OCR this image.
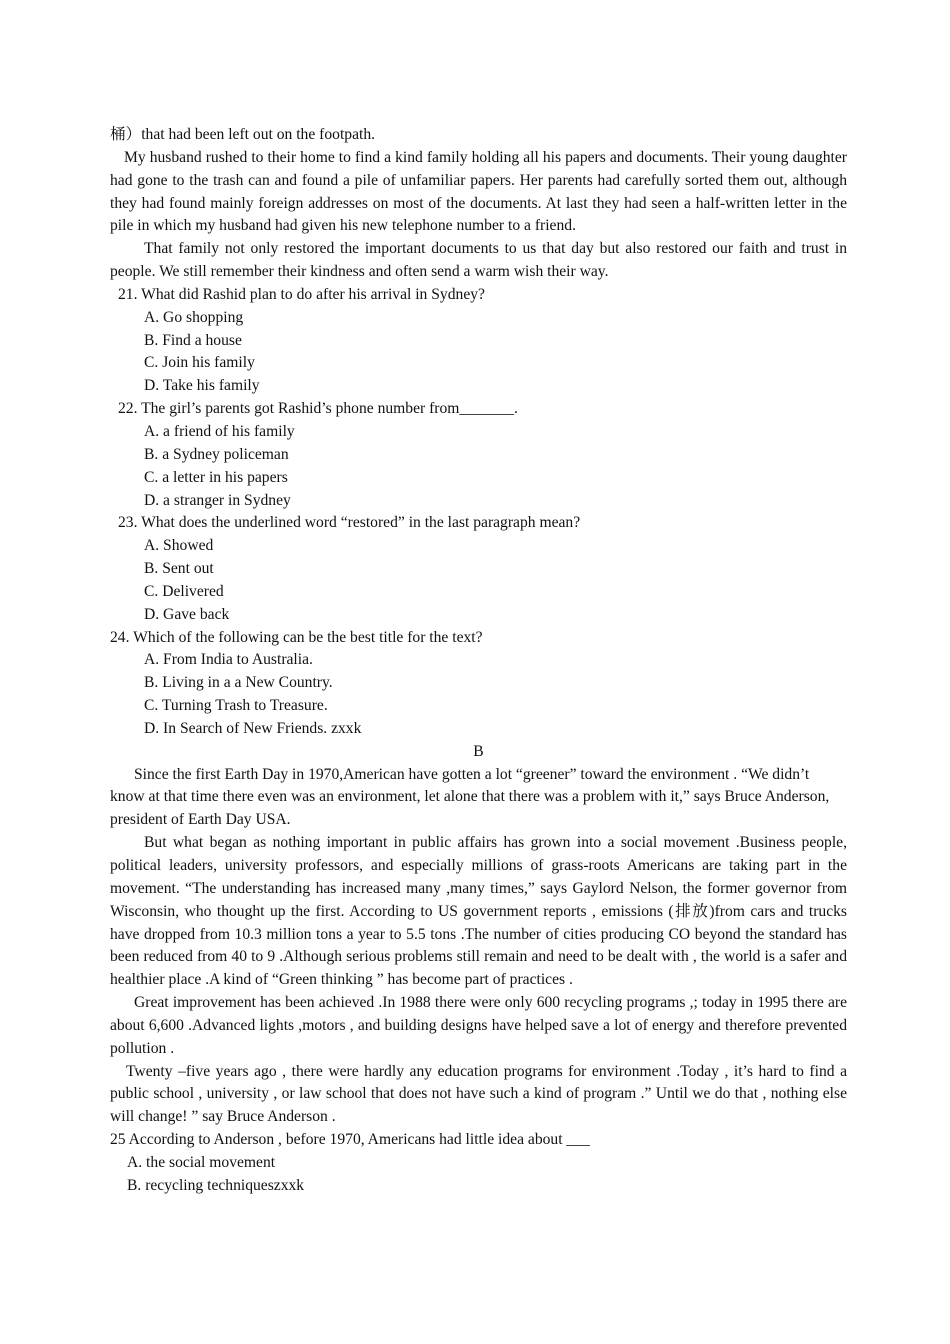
桶）that had been left out on the footpath.

My husband rushed to their home to find a kind family holding all his papers and documents. Their young daughter had gone to the trash can and found a pile of unfamiliar papers. Her parents had carefully sorted them out, although they had found mainly foreign addresses on most of the documents. At last they had seen a half-written letter in the pile in which my husband had given his new telephone number to a friend.

That family not only restored the important documents to us that day but also restored our faith and trust in people. We still remember their kindness and often send a warm wish their way.

21. What did Rashid plan to do after his arrival in Sydney?

A. Go shopping

B. Find a house

C. Join his family

D. Take his family

22. The girl’s parents got Rashid’s phone number from_______.

A. a friend of his family

B. a Sydney policeman

C. a letter in his papers

D. a stranger in Sydney

23. What does the underlined word “restored” in the last paragraph mean?

A. Showed

B. Sent out

C. Delivered

D. Gave back

24. Which of the following can be the best title for the text?

A. From India to Australia.

B. Living in a a New Country.

C. Turning Trash to Treasure.

D. In Search of New Friends. zxxk

B

Since the first Earth Day in 1970,American have gotten a lot “greener” toward the environment . “We didn’t know at that time there even was an environment, let alone that there was a problem with it,” says Bruce Anderson, president of Earth Day USA.

But what began as nothing important in public affairs has grown into a social movement .Business people, political leaders, university professors, and especially millions of grass-roots Americans are taking part in the movement. “The understanding has increased many ,many times,” says Gaylord Nelson, the former governor from Wisconsin, who thought up the first. According to US government reports , emissions (排放)from cars and trucks have dropped from 10.3 million tons a year to 5.5 tons .The number of cities producing CO beyond the standard has been reduced from 40 to 9 .Although serious problems still remain and need to be dealt with , the world is a safer and healthier place .A kind of “Green thinking ” has become part of practices .

Great improvement has been achieved .In 1988 there were only 600 recycling programs ,; today in 1995 there are about 6,600 .Advanced lights ,motors , and building designs have helped save a lot of energy and therefore prevented pollution .

Twenty –five years ago , there were hardly any education programs for environment .Today , it’s hard to find a public school , university , or law school that does not have such a kind of program .” Until we do that , nothing else will change! ” say Bruce Anderson .

25 According to Anderson , before 1970, Americans had little idea about ___

A. the social movement

B. recycling techniqueszxxk
